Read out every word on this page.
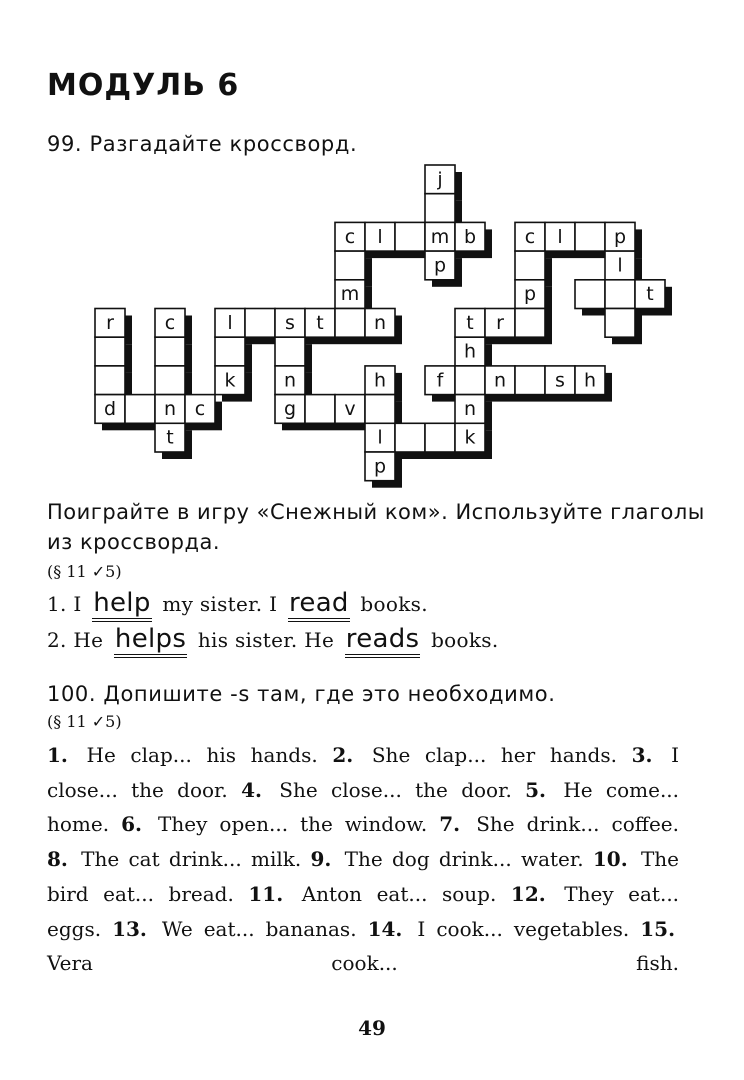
МОДУЛЬ 6

99. Разгадайте кроссворд.

j
c l	m b	c l	p
p	l
m	p	t
r	c	l	s t	n	t r
h
k	n	h	f	n	s h
d	n c	g	v	n
t	l	k
p

Поиграйте в игру «Снежный ком». Используйте глаголы из кроссворда.

(§ 11 ✓5)
1. I help my sister. I read books.
2. He helps his sister. He reads books.

100. Допишите -s там, где это необходимо.

(§ 11 ✓5)

1. He clap... his hands. 2. She clap... her hands. 3. I close... the door. 4. She close... the door. 5. He come... home. 6. They open... the window. 7. She drink... coffee. 8. The cat drink... milk. 9. The dog drink... water. 10. The bird eat... bread. 11. Anton eat... soup. 12. They eat... eggs. 13. We eat... bananas. 14. I cook... vegetables. 15. Vera cook... fish.

49
